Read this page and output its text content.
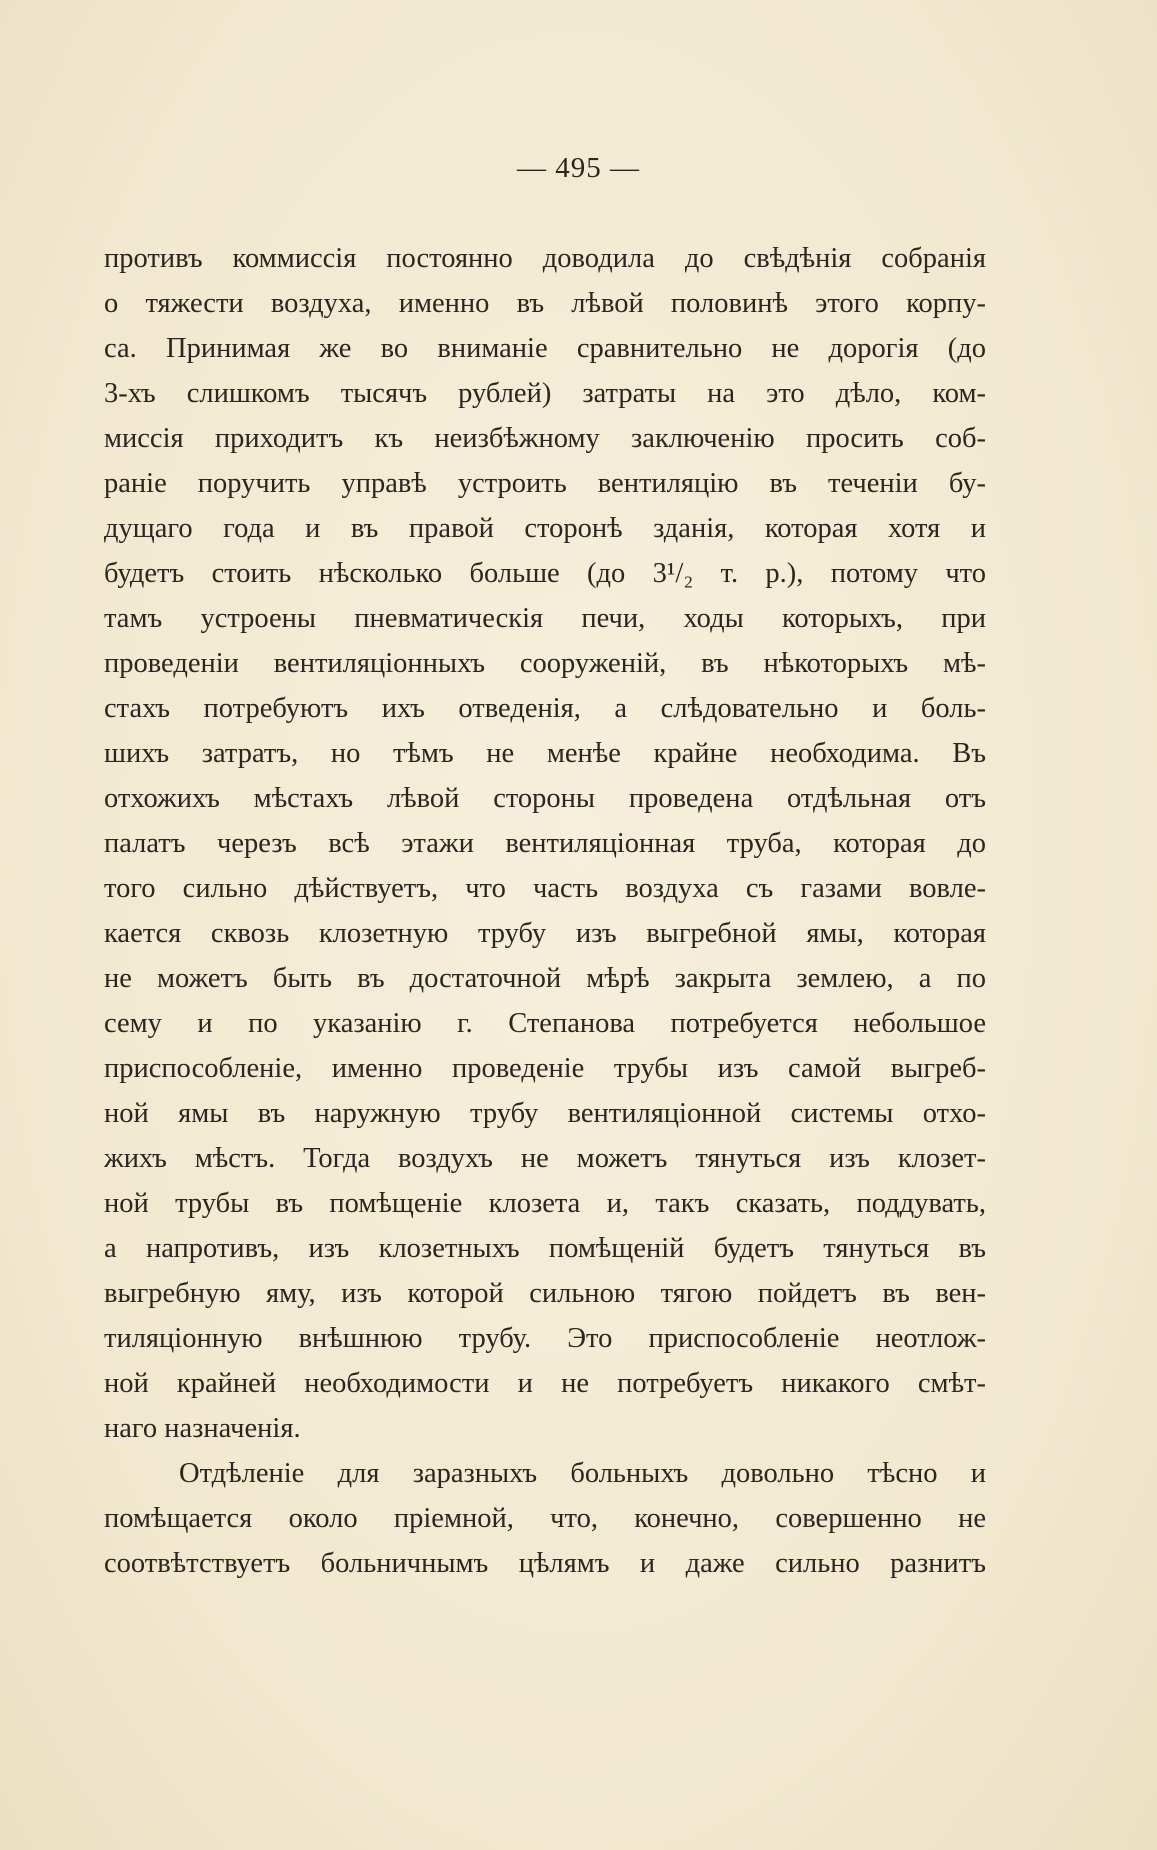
— 495 —
противъ коммиссія постоянно доводила до свѣдѣнія собранія
о тяжести воздуха, именно въ лѣвой половинѣ этого корпу-
са. Принимая же во вниманіе сравнительно не дорогія (до
3-хъ слишкомъ тысячъ рублей) затраты на это дѣло, ком-
миссія приходитъ къ неизбѣжному заключенію просить соб-
раніе поручить управѣ устроить вентиляцію въ теченіи бу-
дущаго года и въ правой сторонѣ зданія, которая хотя и
будетъ стоить нѣсколько больше (до 3¹/₂ т. р.), потому что
тамъ устроены пневматическія печи, ходы которыхъ, при
проведеніи вентиляціонныхъ сооруженій, въ нѣкоторыхъ мѣ-
стахъ потребуютъ ихъ отведенія, а слѣдовательно и боль-
шихъ затратъ, но тѣмъ не менѣе крайне необходима. Въ
отхожихъ мѣстахъ лѣвой стороны проведена отдѣльная отъ
палатъ черезъ всѣ этажи вентиляціонная труба, которая до
того сильно дѣйствуетъ, что часть воздуха съ газами вовле-
кается сквозь клозетную трубу изъ выгребной ямы, которая
не можетъ быть въ достаточной мѣрѣ закрыта землею, а по
сему и по указанію г. Степанова потребуется небольшое
приспособленіе, именно проведеніе трубы изъ самой выгреб-
ной ямы въ наружную трубу вентиляціонной системы отхо-
жихъ мѣстъ. Тогда воздухъ не можетъ тянуться изъ клозет-
ной трубы въ помѣщеніе клозета и, такъ сказать, поддувать,
а напротивъ, изъ клозетныхъ помѣщеній будетъ тянуться въ
выгребную яму, изъ которой сильною тягою пойдетъ въ вен-
тиляціонную внѣшнюю трубу. Это приспособленіе неотлож-
ной крайней необходимости и не потребуетъ никакого смѣт-
наго назначенія.
Отдѣленіе для заразныхъ больныхъ довольно тѣсно и
помѣщается около пріемной, что, конечно, совершенно не
соотвѣтствуетъ больничнымъ цѣлямъ и даже сильно разнитъ
